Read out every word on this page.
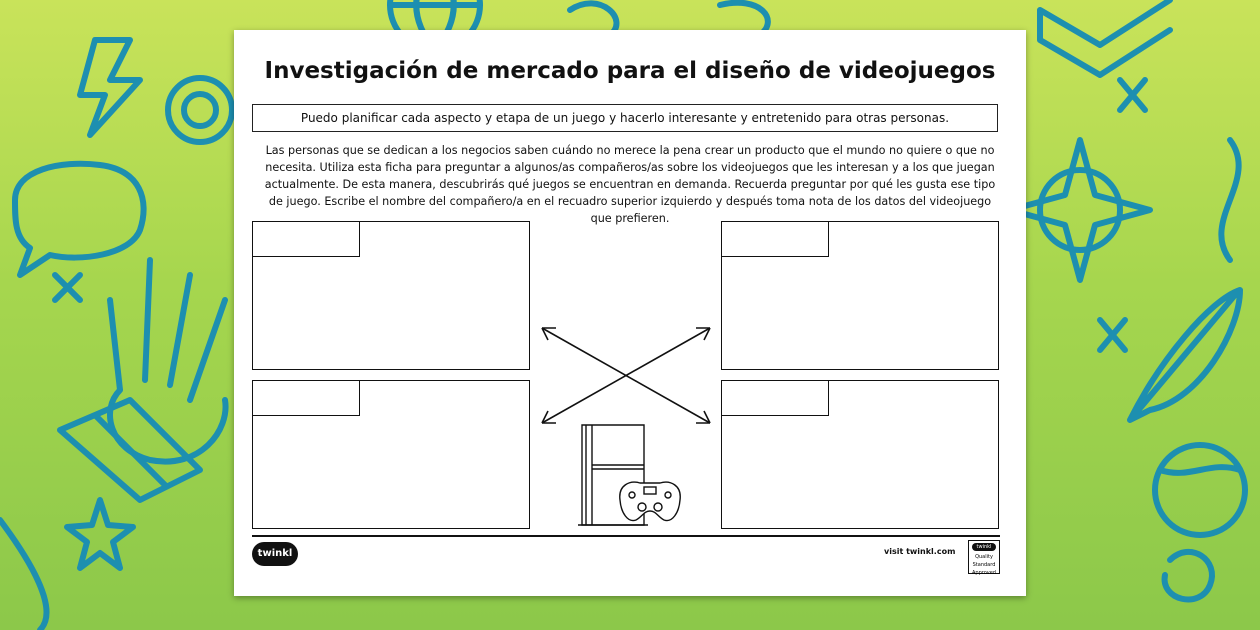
Investigación de mercado para el diseño de videojuegos
Puedo planificar cada aspecto y etapa de un juego y hacerlo interesante y entretenido para otras personas.
Las personas que se dedican a los negocios saben cuándo no merece la pena crear un producto que el mundo no quiere o que no necesita. Utiliza esta ficha para preguntar a algunos/as compañeros/as sobre los videojuegos que les interesan y a los que juegan actualmente. De esta manera, descubrirás qué juegos se encuentran en demanda. Recuerda preguntar por qué les gusta ese tipo de juego. Escribe el nombre del compañero/a en el recuadro superior izquierdo y después toma nota de los datos del videojuego que prefieren.
twinkl	visit twinkl.com	twinkl
Quality Standard Approved
